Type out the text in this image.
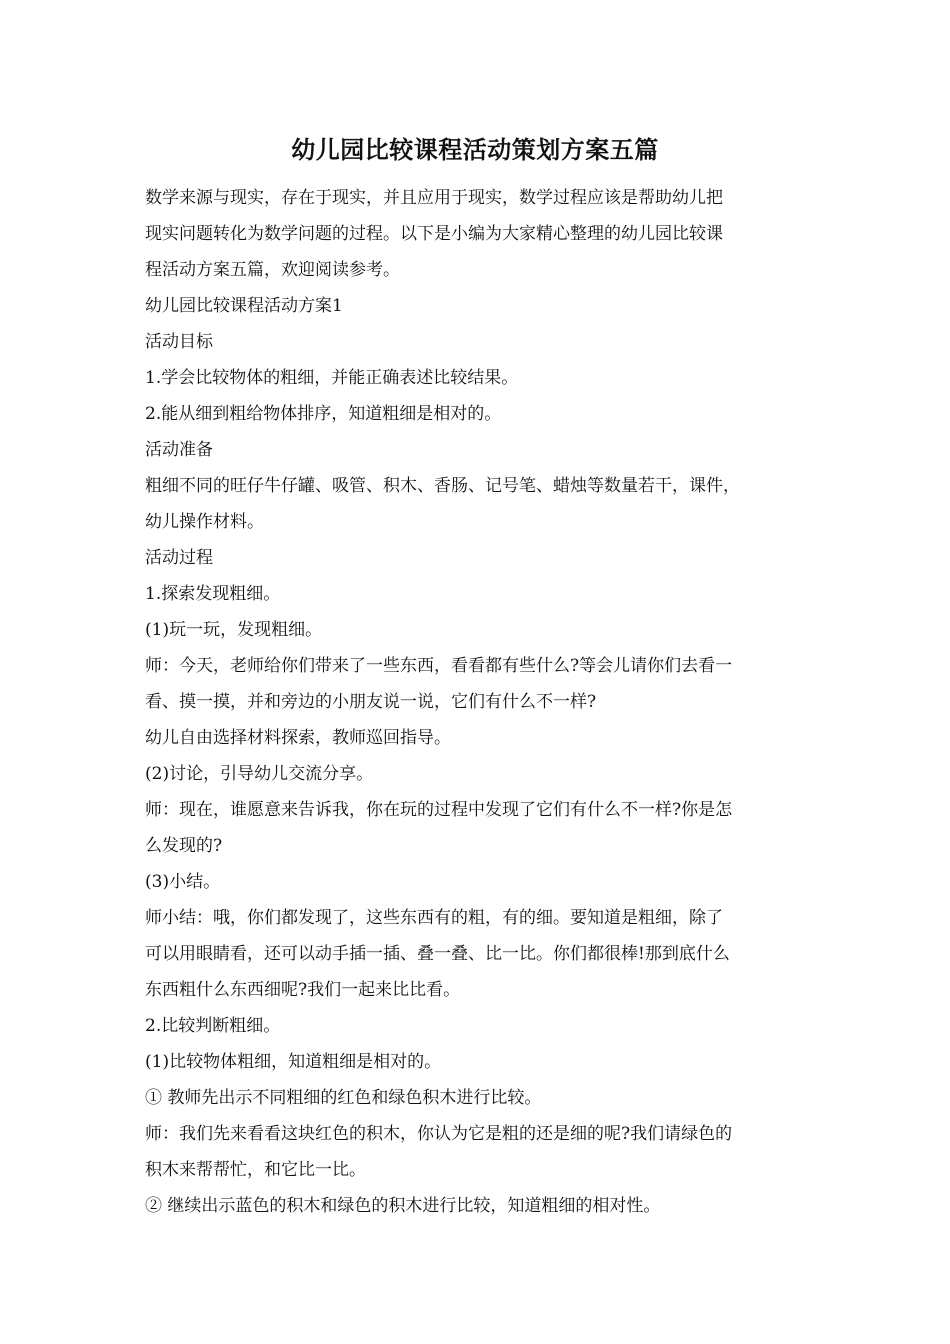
幼儿园比较课程活动策划方案五篇

数学来源与现实，存在于现实，并且应用于现实，数学过程应该是帮助幼儿把

现实问题转化为数学问题的过程。以下是小编为大家精心整理的幼儿园比较课

程活动方案五篇，欢迎阅读参考。

幼儿园比较课程活动方案1

活动目标

1.学会比较物体的粗细，并能正确表述比较结果。

2.能从细到粗给物体排序，知道粗细是相对的。

活动准备

粗细不同的旺仔牛仔罐、吸管、积木、香肠、记号笔、蜡烛等数量若干，课件，

幼儿操作材料。

活动过程

1.探索发现粗细。

(1)玩一玩，发现粗细。

师：今天，老师给你们带来了一些东西，看看都有些什么?等会儿请你们去看一

看、摸一摸，并和旁边的小朋友说一说，它们有什么不一样?

幼儿自由选择材料探索，教师巡回指导。

(2)讨论，引导幼儿交流分享。

师：现在，谁愿意来告诉我，你在玩的过程中发现了它们有什么不一样?你是怎

么发现的?

(3)小结。

师小结：哦，你们都发现了，这些东西有的粗，有的细。要知道是粗细，除了

可以用眼睛看，还可以动手插一插、叠一叠、比一比。你们都很棒!那到底什么

东西粗什么东西细呢?我们一起来比比看。

2.比较判断粗细。

(1)比较物体粗细，知道粗细是相对的。

① 教师先出示不同粗细的红色和绿色积木进行比较。

师：我们先来看看这块红色的积木，你认为它是粗的还是细的呢?我们请绿色的

积木来帮帮忙，和它比一比。

② 继续出示蓝色的积木和绿色的积木进行比较，知道粗细的相对性。
